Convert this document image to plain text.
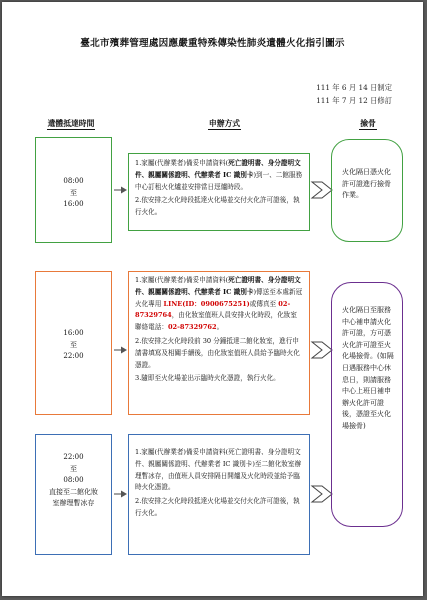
臺北市殯葬管理處因應嚴重特殊傳染性肺炎遺體火化指引圖示
111 年 6 月 14 日制定
111 年 7 月 12 日修訂
遺體抵達時間	申辦方式	撿骨
08:00
至
16:00
1.家屬(代辦業者)備妥申請資料(死亡證明書、身分證明文件、親屬關係證明、代辦業者 IC 識別卡)到一、二館服務中心訂租火化爐並安排當日逕爐時段。
2.依安排之火化時段抵達火化場並交付火化許可證後，執行火化。
火化隔日憑火化許可證進行撿骨作業。
16:00
至
22:00
1.家屬(代辦業者)備妥申請資料(死亡證明書、身分證明文件、親屬關係證明、代辦業者 IC 識別卡)傳送至本處新冠火化專用 LINE(ID：0900675251)或傳真至 02-87329764，由化妝室值班人員安排火化時段，化妝室聯絡電話：02-87329762。
2.依安排之火化時段前 30 分鐘抵達二館化妝室，進行申請書填寫及相關手續後，由化妝室值班人員給予臨時火化憑證。
3.隨即至火化場並出示臨時火化憑證，執行火化。
火化隔日至服務中心補申請火化許可證，方可憑火化許可證至火化場撿骨。(如隔日遇服務中心休息日，則請服務中心上班日補申辦火化許可證後，憑證至火化場撿骨)
22:00
至
08:00
直接至二館化妝室辦理暫冰存
1.家屬(代辦業者)備妥申請資料(死亡證明書、身分證明文件、親屬關係證明、代辦業者 IC 識別卡)至二館化妝室辦理暫冰存，由值班人員安排隔日開爐及火化時段並給予臨時火化憑證。
2.依安排之火化時段抵達火化場並交付火化許可證後，執行火化。
